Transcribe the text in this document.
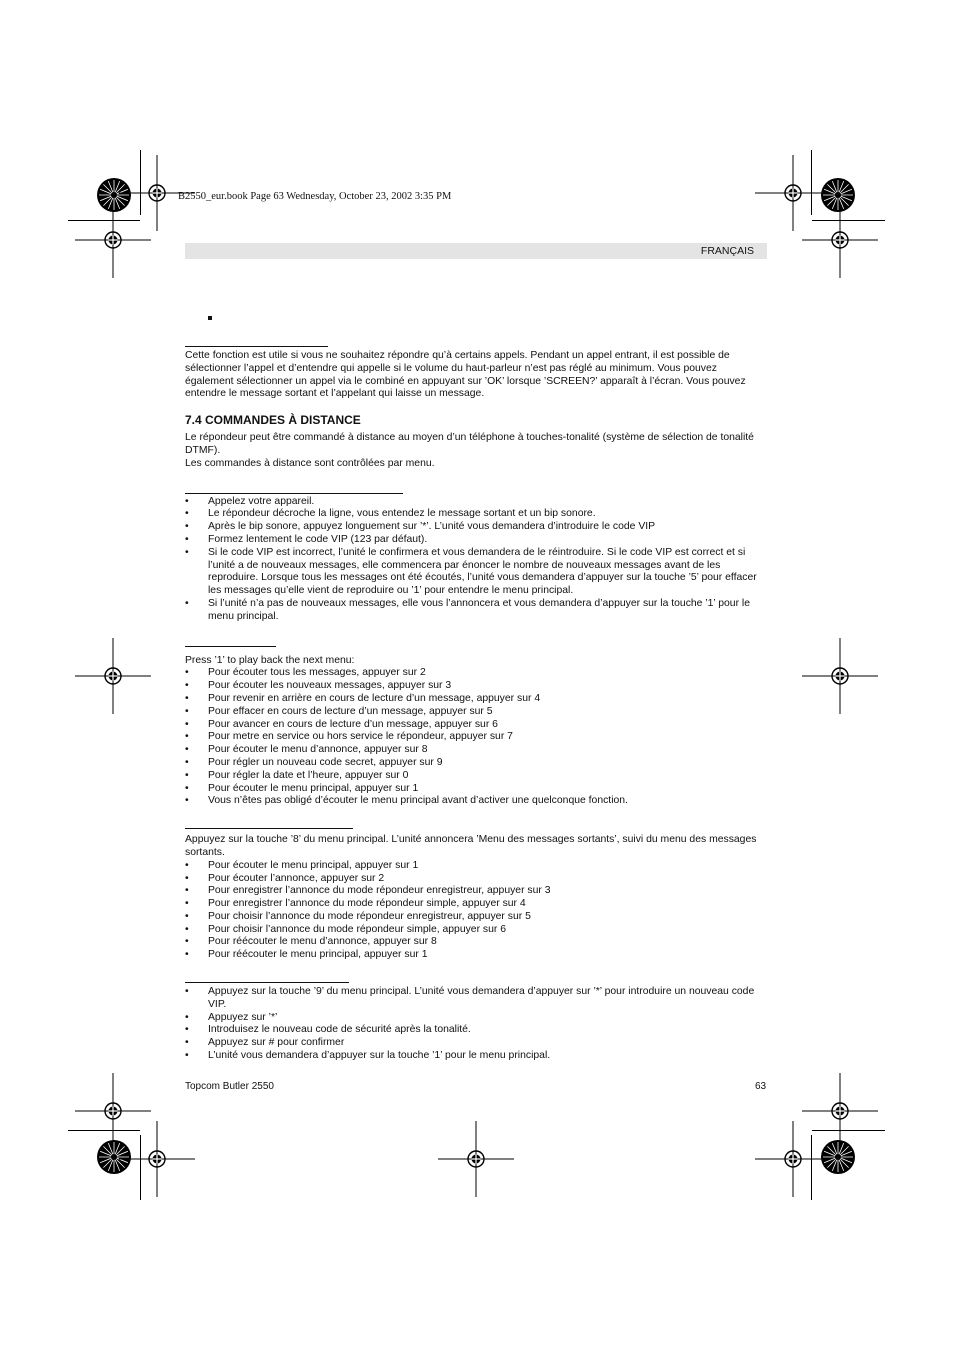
B2550_eur.book Page 63 Wednesday, October 23, 2002 3:35 PM
FRANÇAIS

Cette fonction est utile si vous ne souhaitez répondre qu’à certains appels. Pendant un appel entrant, il est possible de sélectionner l’appel et d’entendre qui appelle si le volume du haut-parleur n’est pas réglé au minimum. Vous pouvez également sélectionner un appel via le combiné en appuyant sur ’OK’ lorsque ’SCREEN?’ apparaît à l’écran. Vous pouvez entendre le message sortant et l’appelant qui laisse un message.

7.4 COMMANDES À DISTANCE

Le répondeur peut être commandé à distance au moyen d’un téléphone à touches-tonalité (système de sélection de tonalité DTMF).

Les commandes à distance sont contrôlées par menu.

• Appelez votre appareil.
• Le répondeur décroche la ligne, vous entendez le message sortant et un bip sonore.
• Après le bip sonore, appuyez longuement sur ’*’. L’unité vous demandera d’introduire le code VIP
• Formez lentement le code VIP (123 par défaut).
• Si le code VIP est incorrect, l’unité le confirmera et vous demandera de le réintroduire. Si le code VIP est correct et si l’unité a de nouveaux messages, elle commencera par énoncer le nombre de nouveaux messages avant de les reproduire. Lorsque tous les messages ont été écoutés, l’unité vous demandera d’appuyer sur la touche ’5’ pour effacer les messages qu’elle vient de reproduire ou ’1’ pour entendre le menu principal.
• Si l’unité n’a pas de nouveaux messages, elle vous l’annoncera et vous demandera d’appuyer sur la touche ’1’ pour le menu principal.

Press ’1’ to play back the next menu:

• Pour écouter tous les messages, appuyer sur 2
• Pour écouter les nouveaux messages, appuyer sur 3
• Pour revenir en arrière en cours de lecture d’un message, appuyer sur 4
• Pour effacer en cours de lecture d’un message, appuyer sur 5
• Pour avancer en cours de lecture d’un message, appuyer sur 6
• Pour metre en service ou hors service le répondeur, appuyer sur 7
• Pour écouter le menu d’annonce, appuyer sur 8
• Pour régler un nouveau code secret, appuyer sur 9
• Pour régler la date et l’heure, appuyer sur 0
• Pour écouter le menu principal, appuyer sur 1
• Vous n’êtes pas obligé d’écouter le menu principal avant d’activer une quelconque fonction.

Appuyez sur la touche ’8’ du menu principal. L’unité annoncera ’Menu des messages sortants’, suivi du menu des messages sortants.

• Pour écouter le menu principal, appuyer sur 1
• Pour écouter l’annonce, appuyer sur 2
• Pour enregistrer l’annonce du mode répondeur enregistreur, appuyer sur 3
• Pour enregistrer l’annonce du mode répondeur simple, appuyer sur 4
• Pour choisir l’annonce du mode répondeur enregistreur, appuyer sur 5
• Pour choisir l’annonce du mode répondeur simple, appuyer sur 6
• Pour réécouter le menu d’annonce, appuyer sur 8
• Pour réécouter le menu principal, appuyer sur 1
• Appuyez sur la touche ’9’ du menu principal. L’unité vous demandera d’appuyer sur ’*’ pour introduire un nouveau code VIP.
• Appuyez sur ’*’
• Introduisez le nouveau code de sécurité après la tonalité.
• Appuyez sur # pour confirmer
• L’unité vous demandera d’appuyer sur la touche ’1’ pour le menu principal.
Topcom Butler 2550	63
